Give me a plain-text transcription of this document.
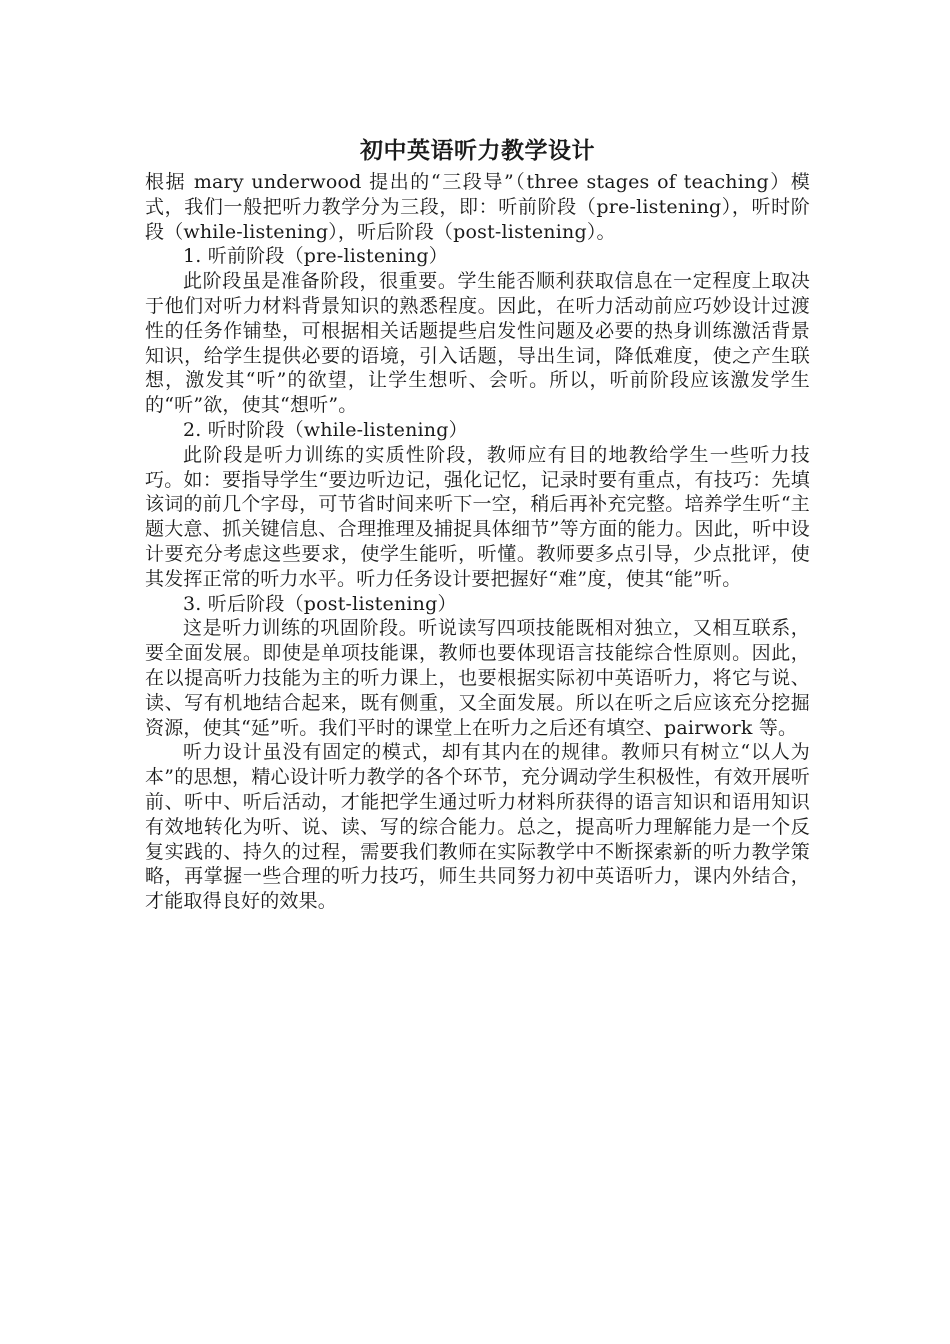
初中英语听力教学设计

根据 mary underwood 提出的“三段导”（three stages of teaching）模式，我们一般把听力教学分为三段，即：听前阶段（pre-listening），听时阶段（while-listening），听后阶段（post-listening）。

1. 听前阶段（pre-listening）

此阶段虽是准备阶段，很重要。学生能否顺利获取信息在一定程度上取决于他们对听力材料背景知识的熟悉程度。因此，在听力活动前应巧妙设计过渡性的任务作铺垫，可根据相关话题提些启发性问题及必要的热身训练激活背景知识，给学生提供必要的语境，引入话题，导出生词，降低难度，使之产生联想，激发其“听”的欲望，让学生想听、会听。所以，听前阶段应该激发学生的“听”欲，使其“想听”。

2. 听时阶段（while-listening）

此阶段是听力训练的实质性阶段，教师应有目的地教给学生一些听力技巧。如：要指导学生“要边听边记，强化记忆，记录时要有重点，有技巧：先填该词的前几个字母，可节省时间来听下一空，稍后再补充完整。培养学生听“主题大意、抓关键信息、合理推理及捕捉具体细节”等方面的能力。因此，听中设计要充分考虑这些要求，使学生能听，听懂。教师要多点引导，少点批评，使其发挥正常的听力水平。听力任务设计要把握好“难”度，使其“能”听。

3. 听后阶段（post-listening）

这是听力训练的巩固阶段。听说读写四项技能既相对独立，又相互联系，要全面发展。即使是单项技能课，教师也要体现语言技能综合性原则。因此，在以提高听力技能为主的听力课上，也要根据实际初中英语听力，将它与说、读、写有机地结合起来，既有侧重，又全面发展。所以在听之后应该充分挖掘资源，使其“延”听。我们平时的课堂上在听力之后还有填空、pairwork 等。

听力设计虽没有固定的模式，却有其内在的规律。教师只有树立“以人为本”的思想，精心设计听力教学的各个环节，充分调动学生积极性，有效开展听前、听中、听后活动，才能把学生通过听力材料所获得的语言知识和语用知识有效地转化为听、说、读、写的综合能力。总之，提高听力理解能力是一个反复实践的、持久的过程，需要我们教师在实际教学中不断探索新的听力教学策略，再掌握一些合理的听力技巧，师生共同努力初中英语听力，课内外结合，才能取得良好的效果。
